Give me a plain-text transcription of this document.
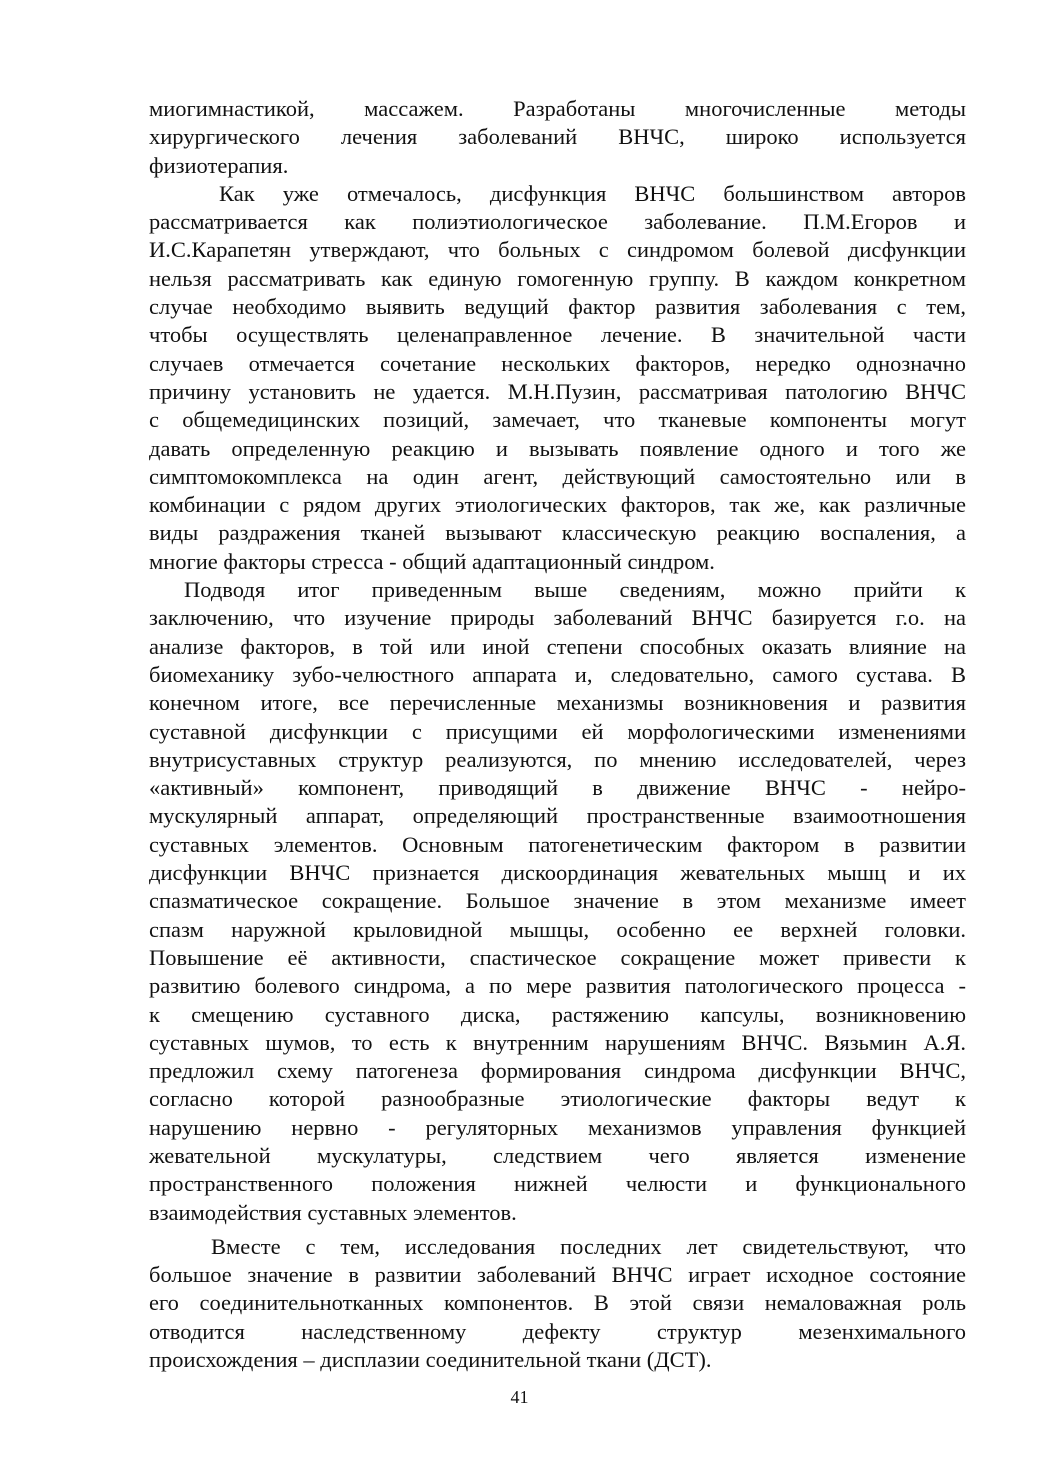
миогимнастикой, массажем. Разработаны многочисленные методы
хирургического лечения заболеваний ВНЧС, широко используется
физиотерапия.
Как уже отмечалось, дисфункция ВНЧС большинством авторов
рассматривается как полиэтиологическое заболевание. П.М.Егоров и
И.С.Карапетян утверждают, что больных с синдромом болевой дисфункции
нельзя рассматривать как единую гомогенную группу. В каждом конкретном
случае необходимо выявить ведущий фактор развития заболевания с тем,
чтобы осуществлять целенаправленное лечение. В значительной части
случаев отмечается сочетание нескольких факторов, нередко однозначно
причину установить не удается. М.Н.Пузин, рассматривая патологию ВНЧС
с общемедицинских позиций, замечает, что тканевые компоненты могут
давать определенную реакцию и вызывать появление одного и того же
симптомокомплекса на один агент, действующий самостоятельно или в
комбинации с рядом других этиологических факторов, так же, как различные
виды раздражения тканей вызывают классическую реакцию воспаления, а
многие факторы стресса - общий адаптационный синдром.
Подводя итог приведенным выше сведениям, можно прийти к
заключению, что изучение природы заболеваний ВНЧС базируется г.о. на
анализе факторов, в той или иной степени способных оказать влияние на
биомеханику зубо-челюстного аппарата и, следовательно, самого сустава. В
конечном итоге, все перечисленные механизмы возникновения и развития
суставной дисфункции с присущими ей морфологическими изменениями
внутрисуставных структур реализуются, по мнению исследователей, через
«активный» компонент, приводящий в движение ВНЧС - нейро-
мускулярный аппарат, определяющий пространственные взаимоотношения
суставных элементов. Основным патогенетическим фактором в развитии
дисфункции ВНЧС признается дискоординация жевательных мышц и их
спазматическое сокращение. Большое значение в этом механизме имеет
спазм наружной крыловидной мышцы, особенно ее верхней головки.
Повышение её активности, спастическое сокращение может привести к
развитию болевого синдрома, а по мере развития патологического процесса -
к смещению суставного диска, растяжению капсулы, возникновению
суставных шумов, то есть к внутренним нарушениям ВНЧС. Вязьмин А.Я.
предложил схему патогенеза формирования синдрома дисфункции ВНЧС,
согласно которой разнообразные этиологические факторы ведут к
нарушению нервно - регуляторных механизмов управления функцией
жевательной мускулатуры, следствием чего является изменение
пространственного положения нижней челюсти и функционального
взаимодействия суставных элементов.
Вместе с тем, исследования последних лет свидетельствуют, что
большое значение в развитии заболеваний ВНЧС играет исходное состояние
его соединительнотканных компонентов. В этой связи немаловажная роль
отводится наследственному дефекту структур мезенхимального
происхождения – дисплазии соединительной ткани (ДСТ).
41
